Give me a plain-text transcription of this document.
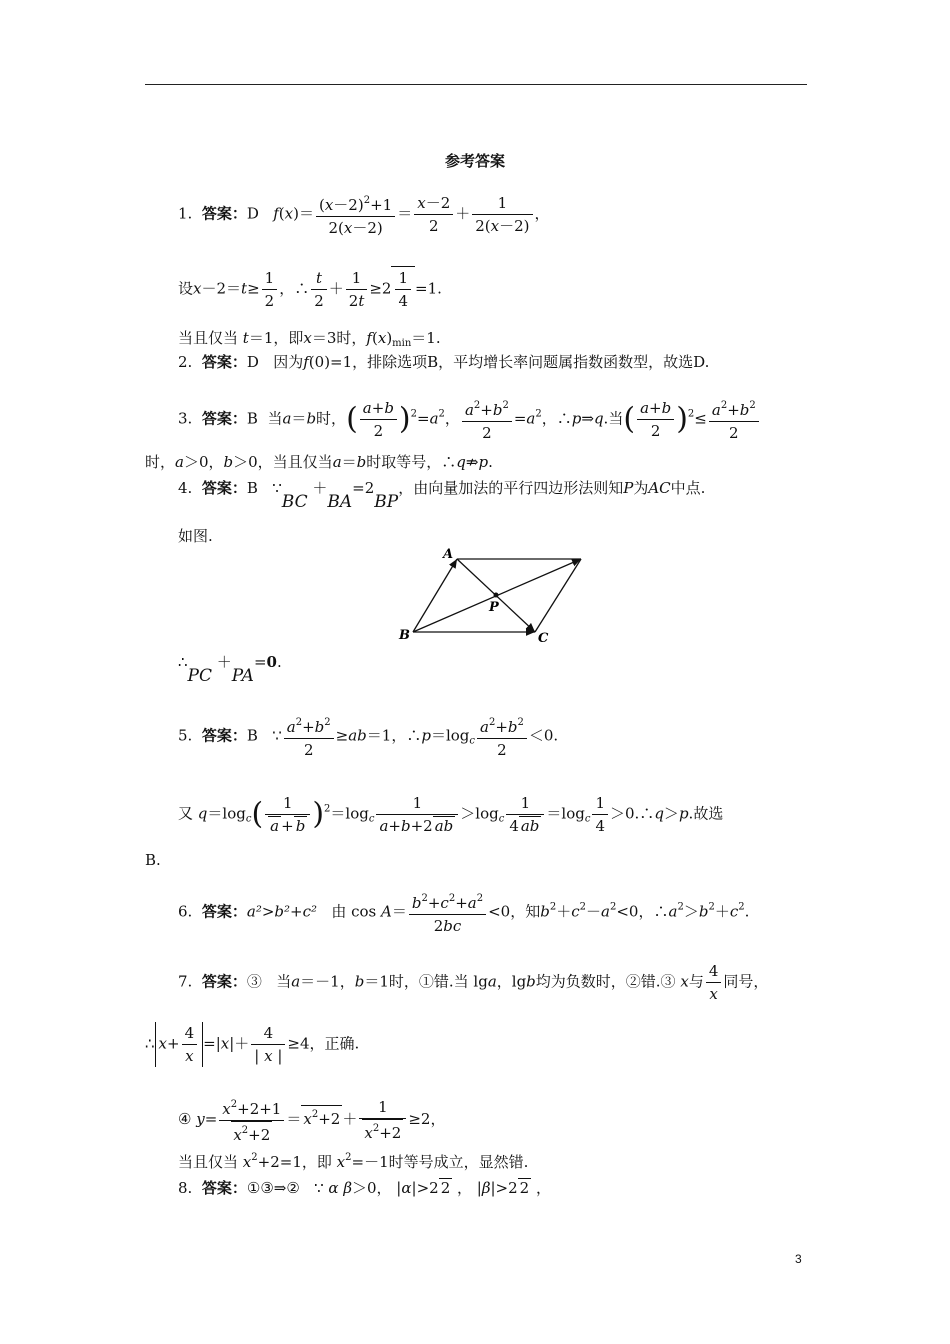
参考答案
1. 答案：D $f(x)= \frac{(x-2)^2+1}{2(x-2)} = \frac{x-2}{2} + \frac{1}{2(x-2)}$ ，
设$x-2=t\ge \frac{1}{2}$ ，∴ $\frac{t}{2} + \frac{1}{2t} \ge 2 \frac{1}{4} =1$.
当且仅当 t＝1，即x＝3时，$f(x)_{min}=1$.
2. 答案：D 因为f(0)=1，排除选项B，平均增长率问题属指数函数型，故选D.
3. 答案：B 当a＝b时，( $\frac{a+b}{2} )^2=a^2$， $\frac{a^2+b^2}{2} =a^2$，∴p⇒q.当( $\frac{a+b}{2} )^2\le \frac{a^2+b^2}{2}$
时，a＞0，b＞0，当且仅当a＝b时取等号，∴q⇏p.
4. 答案：B   ∵BC ＋BA=2BP，由向量加法的平行四边形法则知P为AC中点.
如图.
A
B	C
P
∴PC ＋PA=0.
5. 答案：B   ∵ $\frac{a^2+b^2}{2} \ge ab=1$，$\therefore p=\log_c \frac{a^2+b^2}{2} <0$.
又 $q=\log_c( \frac{1}{a + b} )^2=\log_c \frac{1}{a+b+2 ab} >\log_c \frac{1}{4 ab} =\log_c \frac{1}{4}$ ＞0.∴q＞p.故选
B.
6. 答案：a²>b²+c² 由 $\cos A= \frac{b^2+c^2+a^2}{2bc} <0$，知$b^2+c^2-a^2<0$，$\therefore a^2>b^2+c^2$.
7. 答案：③ 当a＝－1，b＝1时，①错.当 lga，lgb均为负数时，②错.③ x与 $\frac{4}{x}$ 同号，
∴ $x+ \frac{4}{x} =|x|+ \frac{4}{| x |} \ge 4$，正确.
④ $y= \frac{x^2+2+1}{x^2+2} = x^2+2 + \frac{1}{x^2+2} \ge 2$，
当且仅当 $x^2+2=1$，即 $x^2=-1$时等号成立，显然错.
8. 答案：①③⇒②   ∵ α β＞0， |α|>2 2 ， |β|>2 2 ，
3
